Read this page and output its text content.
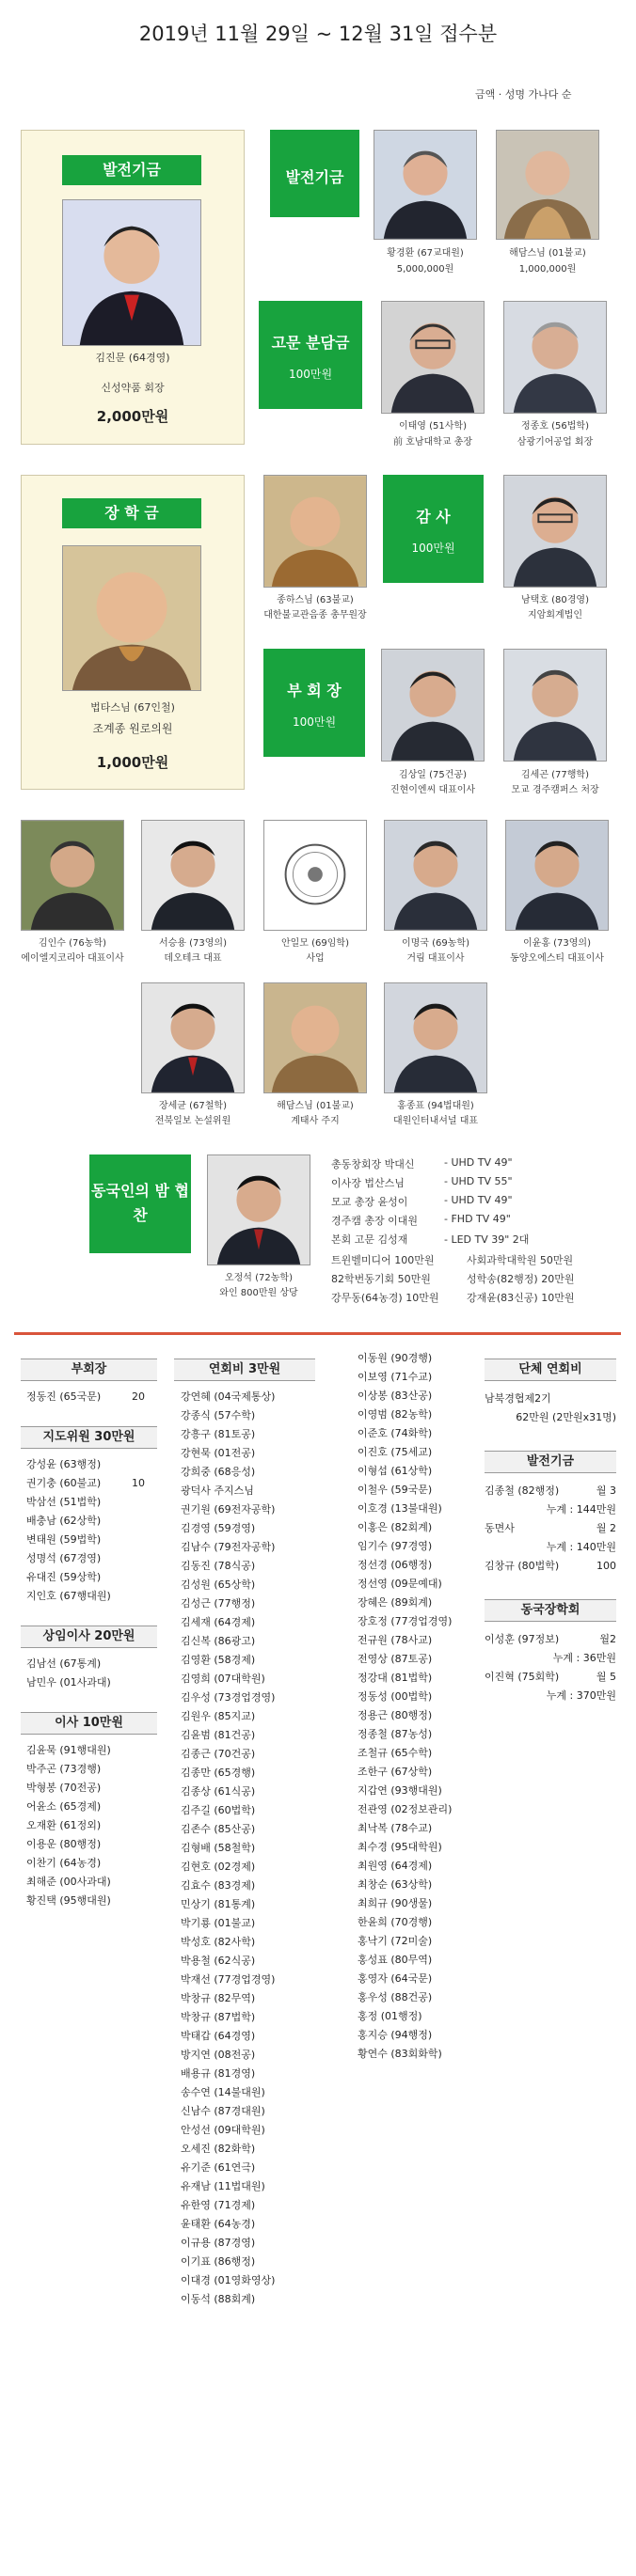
2019년 11월 29일 ~ 12월 31일 접수분
금액 · 성명 가나다 순
발전기금
김진문 (64경영)
신성약품 회장
2,000만원
발전기금
황경환 (67교대원)
5,000,000원
해담스님 (01불교)
1,000,000원
고문 분담금
100만원
이태영 (51사학)
前 호남대학교 총장
정종호 (56법학)
삼광기어공업 회장
장 학 금
법타스님 (67인철)
조계종 원로의원
1,000만원
종하스님 (63불교)
대한불교관음종 총무원장
감 사
100만원
남택호 (80경영)
지암회계법인
부 회 장
100만원
김상일 (75건공)
진현이엔씨 대표이사
김세곤 (77행학)
모교 경주캠퍼스 처장
김인수 (76농학)
에이엘지코리아 대표이사
서승용 (73영의)
데오테크 대표
안일모 (69임학)
사업
이명국 (69농학)
거림 대표이사
이윤홍 (73영의)
동양오에스티 대표이사
장세균 (67철학)
전북일보 논설위원
해담스님 (01불교)
계태사 주지
홍종표 (94법대원)
대원인터내셔널 대표
동국인의 밤 협찬
오정석 (72농학)
와인 800만원 상당
총동창회장 박대신	- UHD TV 49"
이사장 법산스님	- UHD TV 55"
모교 총장 윤성이	- UHD TV 49"
경주캠 총장 이대원	- FHD TV 49"
본회 고문 김성재	- LED TV 39" 2대
트윈벨미디어 100만원	사회과학대학원 50만원
82학번동기회 50만원	성학송(82행정) 20만원
강무동(64농경) 10만원	강재윤(83신공) 10만원
부회장
정동진 (65국문)	20
지도위원 30만원
강성윤 (63행정)
권기충 (60불교)	10
박삼선 (51법학)
배충남 (62상학)
변태원 (59법학)
성명석 (67경영)
유대진 (59상학)
지인호 (67행대원)
상임이사 20만원
김남선 (67통계)
남민우 (01사과대)
이사 10만원
김윤묵 (91행대원)
박주곤 (73경행)
박형봉 (70전공)
어윤소 (65경제)
오재환 (61정외)
이용운 (80행정)
이찬기 (64농경)
최해준 (00사과대)
황진택 (95행대원)
연회비 3만원
강연혜 (04국제통상)
강종식 (57수학)
강흥구 (81토공)
강현묵 (01전공)
강희중 (68응성)
광덕사 주지스님
권기원 (69전자공학)
김경영 (59경영)
김남수 (79전자공학)
김동진 (78식공)
김성원 (65상학)
김성근 (77행정)
김세재 (64경제)
김신복 (86광고)
김영환 (58경제)
김영희 (07대학원)
김우성 (73경업경영)
김원우 (85지교)
김윤범 (81건공)
김종근 (70건공)
김종만 (65경행)
김종상 (61식공)
김주길 (60법학)
김존수 (85산공)
김형배 (58철학)
김현호 (02경제)
김효수 (83경제)
민상기 (81통계)
박기룡 (01불교)
박성호 (82사학)
박용철 (62식공)
박재선 (77경업경영)
박창규 (82무역)
박창규 (87법학)
박태갑 (64경영)
방지연 (08전공)
배용규 (81경영)
송수연 (14불대원)
신남수 (87경대원)
안성선 (09대학원)
오세진 (82화학)
유기준 (61연극)
유재남 (11법대원)
유한영 (71경제)
윤태환 (64농경)
이규용 (87경영)
이기표 (86행정)
이대경 (01영화영상)
이동석 (88회계)
이동원 (90경행)
이보영 (71수교)
이상봉 (83산공)
이영범 (82농학)
이준호 (74화학)
이진호 (75세교)
이형섭 (61상학)
이철우 (59국문)
이호경 (13불대원)
이홍은 (82회계)
임기수 (97경영)
정선경 (06행정)
정선영 (09문예대)
장혜은 (89회계)
장호정 (77경업경영)
전규원 (78사교)
전영상 (87토공)
정강대 (81법학)
정동성 (00법학)
정용근 (80행정)
정종철 (87농성)
조철규 (65수학)
조한구 (67상학)
지갑연 (93행대원)
전관영 (02정보관리)
최낙복 (78수교)
최수경 (95대학원)
최원영 (64경제)
최창순 (63상학)
최희규 (90생물)
한윤희 (70경행)
홍낙기 (72미술)
홍성표 (80무역)
홍영자 (64국문)
홍우성 (88건공)
홍정 (01행정)
홍지승 (94행정)
황연수 (83회화학)
단체 연회비
남북경협제2기
62만원 (2만원x31명)
발전기금
김종철 (82행정)	월 3
누계 : 144만원
동면사	월 2
누계 : 140만원
김창규 (80법학)	100
동국장학회
이성훈 (97정보)	월2
누계 : 36만원
이진혁 (75회학)	월 5
누계 : 370만원
